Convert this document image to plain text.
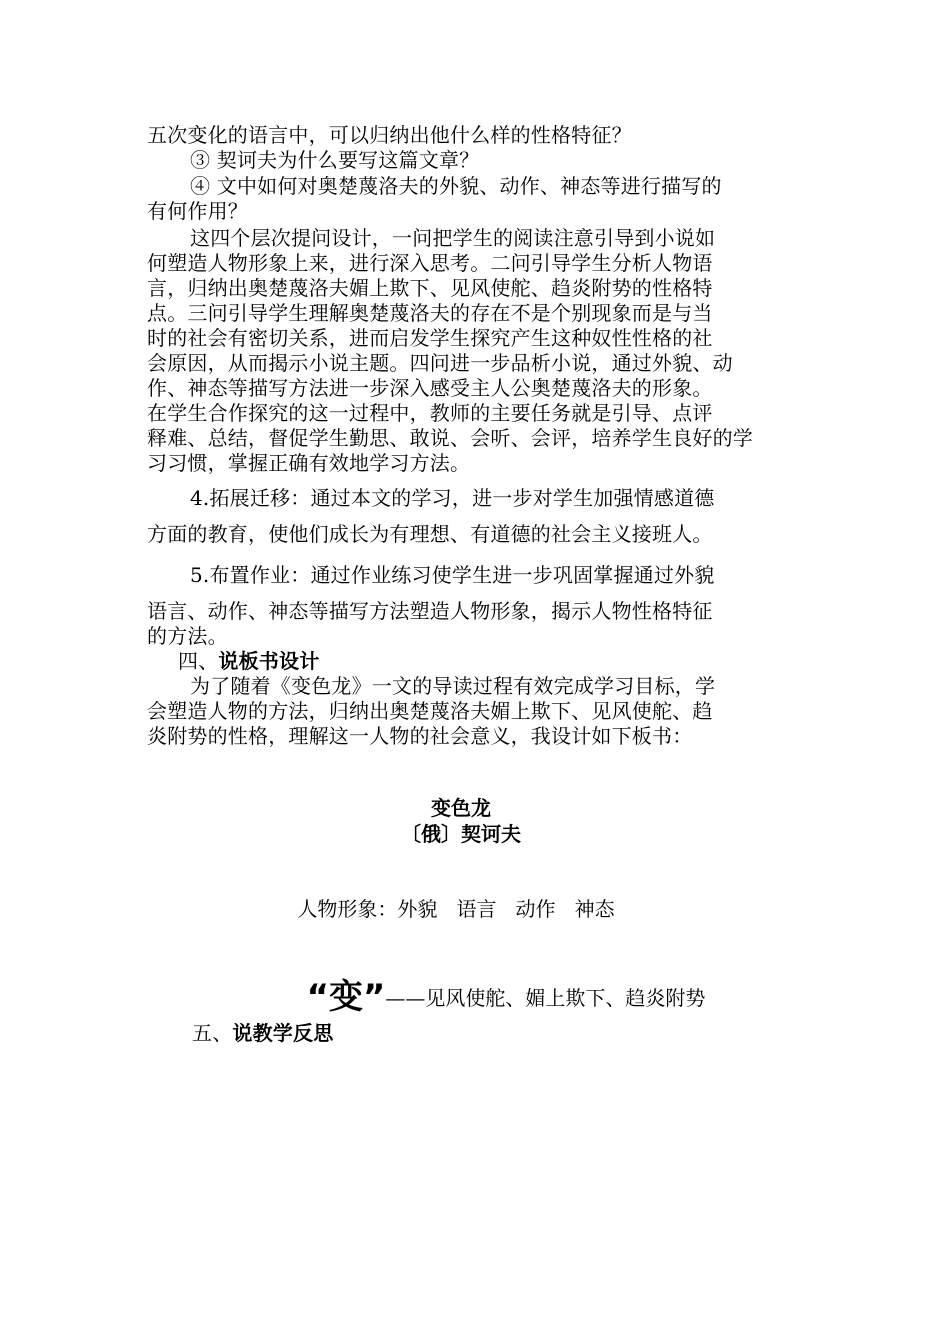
五次变化的语言中，可以归纳出他什么样的性格特征？
③ 契诃夫为什么要写这篇文章？
④ 文中如何对奥楚蔑洛夫的外貌、动作、神态等进行描写的
有何作用？
这四个层次提问设计，一问把学生的阅读注意引导到小说如
何塑造人物形象上来，进行深入思考。二问引导学生分析人物语
言，归纳出奥楚蔑洛夫媚上欺下、见风使舵、趋炎附势的性格特
点。三问引导学生理解奥楚蔑洛夫的存在不是个别现象而是与当
时的社会有密切关系，进而启发学生探究产生这种奴性性格的社
会原因，从而揭示小说主题。四问进一步品析小说，通过外貌、动
作、神态等描写方法进一步深入感受主人公奥楚蔑洛夫的形象。
在学生合作探究的这一过程中，教师的主要任务就是引导、点评
释难、总结，督促学生勤思、敢说、会听、会评，培养学生良好的学
习习惯，掌握正确有效地学习方法。
4.拓展迁移：通过本文的学习，进一步对学生加强情感道德
方面的教育，使他们成长为有理想、有道德的社会主义接班人。
5.布置作业：通过作业练习使学生进一步巩固掌握通过外貌
语言、动作、神态等描写方法塑造人物形象，揭示人物性格特征
的方法。
四、说板书设计
为了随着《变色龙》一文的导读过程有效完成学习目标，学
会塑造人物的方法，归纳出奥楚蔑洛夫媚上欺下、见风使舵、趋
炎附势的性格，理解这一人物的社会意义，我设计如下板书：
变色龙
〔俄〕契诃夫
人物形象：外貌   语言   动作   神态
“变”——见风使舵、媚上欺下、趋炎附势
五、说教学反思
